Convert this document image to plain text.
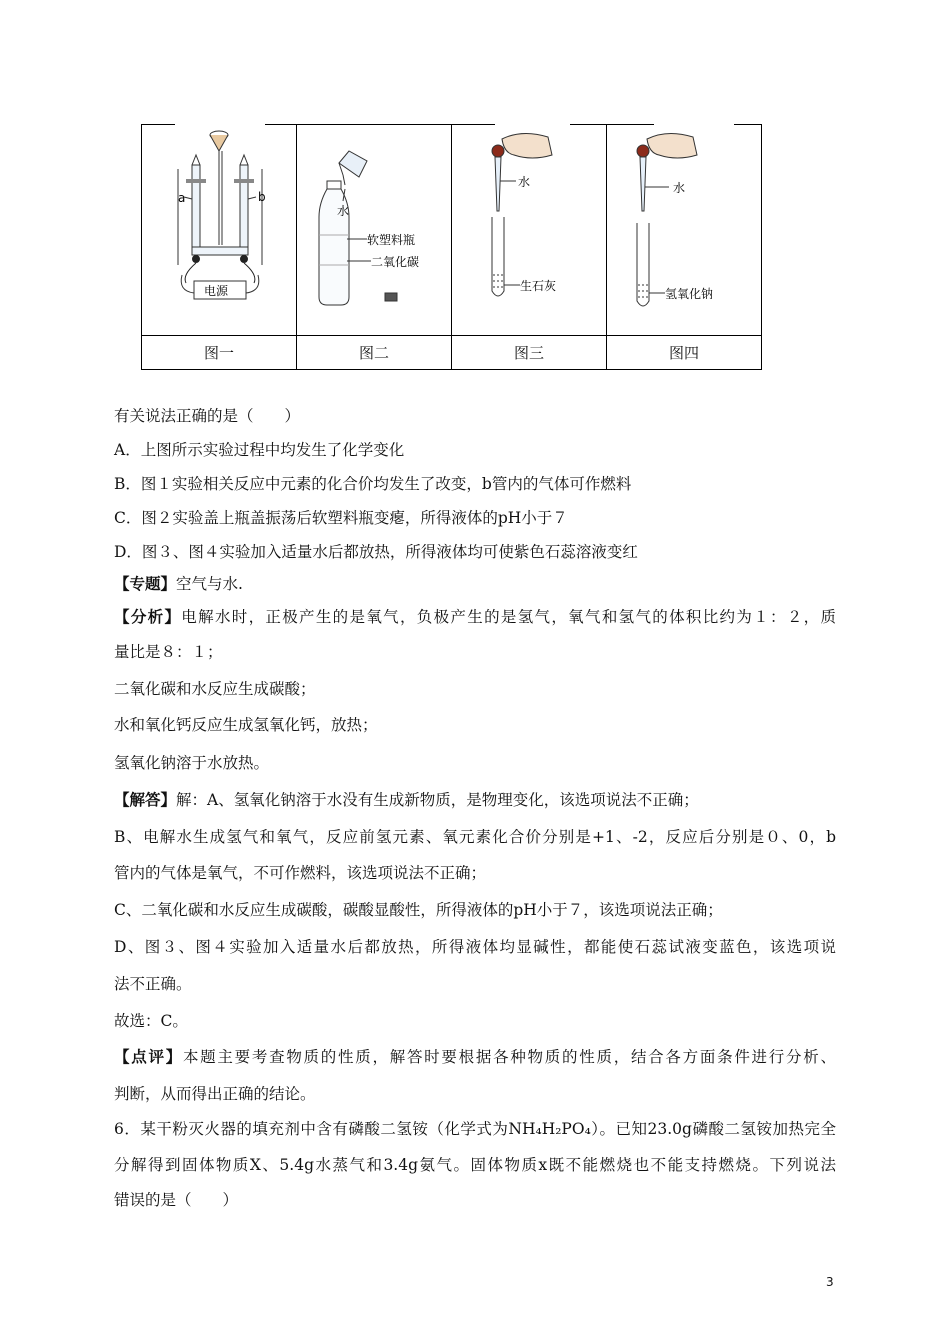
a b
电源	水
软塑料瓶
二氧化碳	水
生石灰	水
氢氧化钠

图一	图二	图三	图四
有关说法正确的是（　　）
A．上图所示实验过程中均发生了化学变化
B．图１实验相关反应中元素的化合价均发生了改变，b管内的气体可作燃料
C．图２实验盖上瓶盖振荡后软塑料瓶变瘪，所得液体的pH小于７
D．图３、图４实验加入适量水后都放热，所得液体均可使紫色石蕊溶液变红
【专题】空气与水.
【分析】电解水时，正极产生的是氧气，负极产生的是氢气，氧气和氢气的体积比约为１：２，质
量比是８：１；
二氧化碳和水反应生成碳酸；
水和氧化钙反应生成氢氧化钙，放热；
氢氧化钠溶于水放热。
【解答】解：A、氢氧化钠溶于水没有生成新物质，是物理变化，该选项说法不正确；
B、电解水生成氢气和氧气，反应前氢元素、氧元素化合价分别是+1、-2，反应后分别是０、0，b
管内的气体是氧气，不可作燃料，该选项说法不正确；
C、二氧化碳和水反应生成碳酸，碳酸显酸性，所得液体的pH小于７，该选项说法正确；
D、图３、图４实验加入适量水后都放热，所得液体均显碱性，都能使石蕊试液变蓝色，该选项说
法不正确。
故选：C。
【点评】本题主要考查物质的性质，解答时要根据各种物质的性质，结合各方面条件进行分析、
判断，从而得出正确的结论。
6．某干粉灭火器的填充剂中含有磷酸二氢铵（化学式为NH₄H₂PO₄）。已知23.0g磷酸二氢铵加热完全
分解得到固体物质X、5.4g水蒸气和3.4g氨气。固体物质x既不能燃烧也不能支持燃烧。下列说法
错误的是（　　）
3
